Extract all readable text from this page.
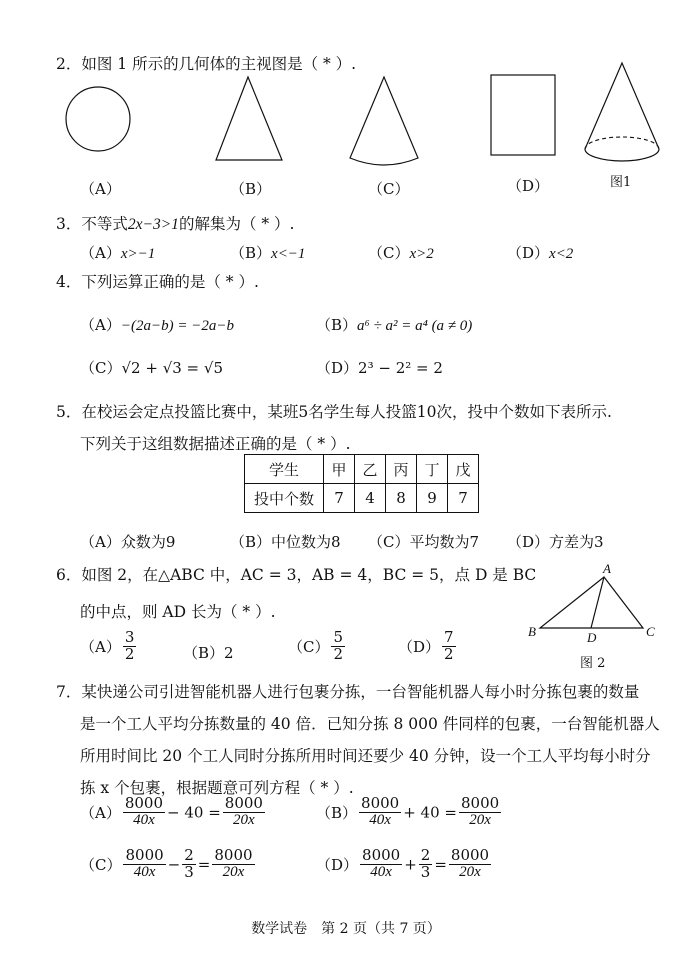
2．如图 1 所示的几何体的主视图是（ * ）.
（A）	（B）	（C）	（D）	图1
3．不等式2x−3>1的解集为（ * ）.
（A）x>−1	（B）x<−1	（C）x>2	（D）x<2
4．下列运算正确的是（ * ）.
（A）−(2a−b) = −2a−b	（B）a⁶ ÷ a² = a⁴ (a ≠ 0)
（C）√2 + √3 = √5	（D）2³ − 2² = 2
5．在校运会定点投篮比赛中，某班5名学生每人投篮10次，投中个数如下表所示.
下列关于这组数据描述正确的是（ * ）.
学生	甲	乙	丙	丁	戊
投中个数	7	4	8	9	7
（A）众数为9	（B）中位数为8 （C）平均数为7 （D）方差为3
6．如图 2，在△ABC 中，AC = 3，AB = 4，BC = 5，点 D 是 BC
的中点，则 AD 长为（ * ）.
$(A) \frac{3}{2}$	（B）2	$(C) \frac{5}{2}$	$(D) \frac{7}{2}$
A
B	C
D
图 2
7．某快递公司引进智能机器人进行包裹分拣，一台智能机器人每小时分拣包裹的数量
是一个工人平均分拣数量的 40 倍．已知分拣 8 000 件同样的包裹，一台智能机器人
所用时间比 20 个工人同时分拣所用时间还要少 40 分钟，设一个工人平均每小时分
拣 x 个包裹，根据题意可列方程（ * ）.
$(A) \frac{8000}{40x} - 40 = \frac{8000}{20x}$	$(B) \frac{8000}{40x} + 40 = \frac{8000}{20x}$
$(C) \frac{8000}{40x} - \frac{2}{3} = \frac{8000}{20x}$	$(D) \frac{8000}{40x} + \frac{2}{3} = \frac{8000}{20x}$
数学试卷　第 2 页（共 7 页）
